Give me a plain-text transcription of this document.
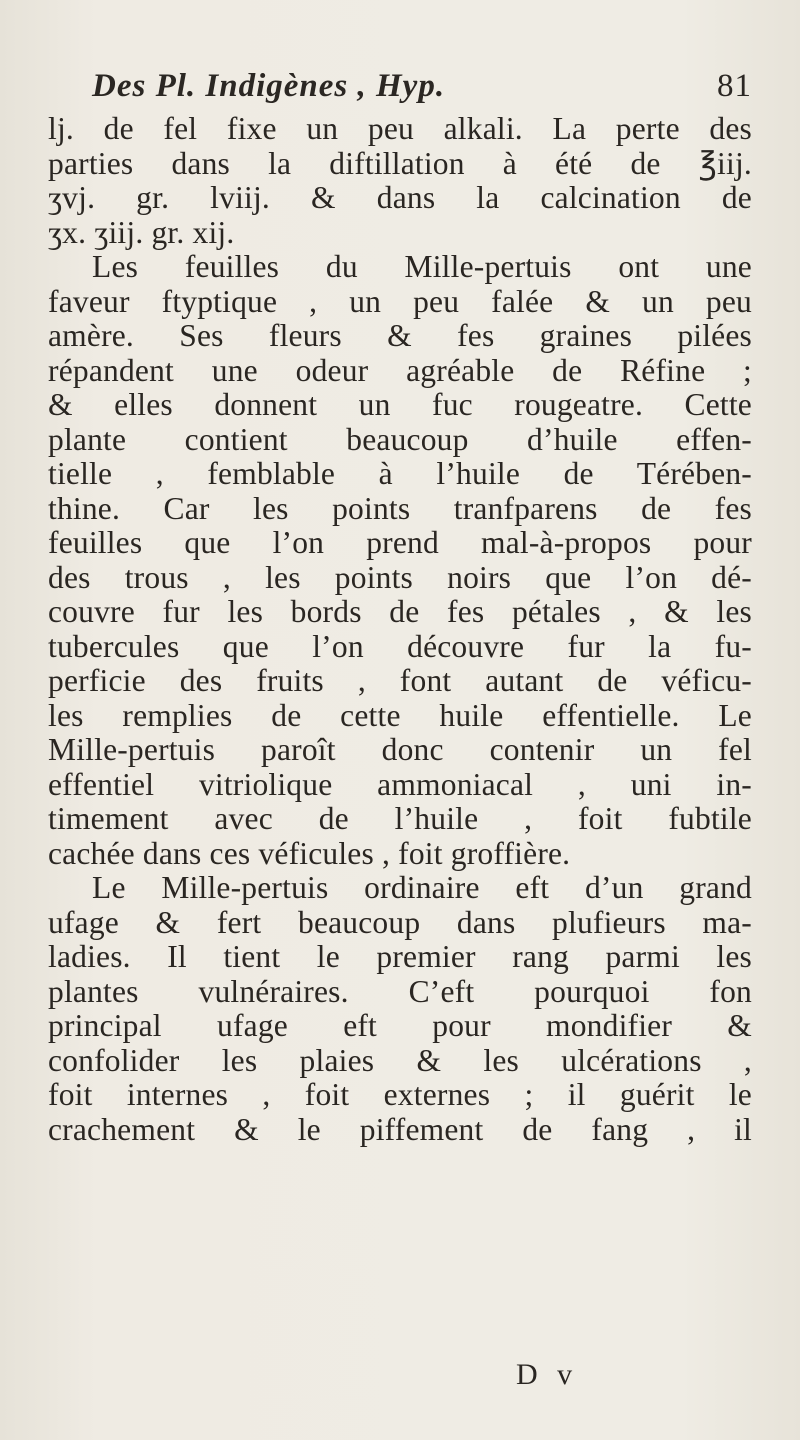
Des Pl. Indigènes , Hyp.	81
lj. de fel fixe un peu alkali. La perte des
parties dans la diftillation à été de ℥iij.
ʒvj. gr. lviij. & dans la calcination de
ʒx. ʒiij. gr. xij.
Les feuilles du Mille-pertuis ont une
faveur ftyptique , un peu falée & un peu
amère. Ses fleurs & fes graines pilées
répandent une odeur agréable de Réfine ;
& elles donnent un fuc rougeatre. Cette
plante contient beaucoup d’huile effen-
tielle , femblable à l’huile de Térében-
thine. Car les points tranfparens de fes
feuilles que l’on prend mal-à-propos pour
des trous , les points noirs que l’on dé-
couvre fur les bords de fes pétales , & les
tubercules que l’on découvre fur la fu-
perficie des fruits , font autant de véficu-
les remplies de cette huile effentielle. Le
Mille-pertuis paroît donc contenir un fel
effentiel vitriolique ammoniacal , uni in-
timement avec de l’huile , foit fubtile
cachée dans ces véficules , foit groffière.
Le Mille-pertuis ordinaire eft d’un grand
ufage & fert beaucoup dans plufieurs ma-
ladies. Il tient le premier rang parmi les
plantes vulnéraires. C’eft pourquoi fon
principal ufage eft pour mondifier &
confolider les plaies & les ulcérations ,
foit internes , foit externes ; il guérit le
crachement & le piffement de fang , il
D v
